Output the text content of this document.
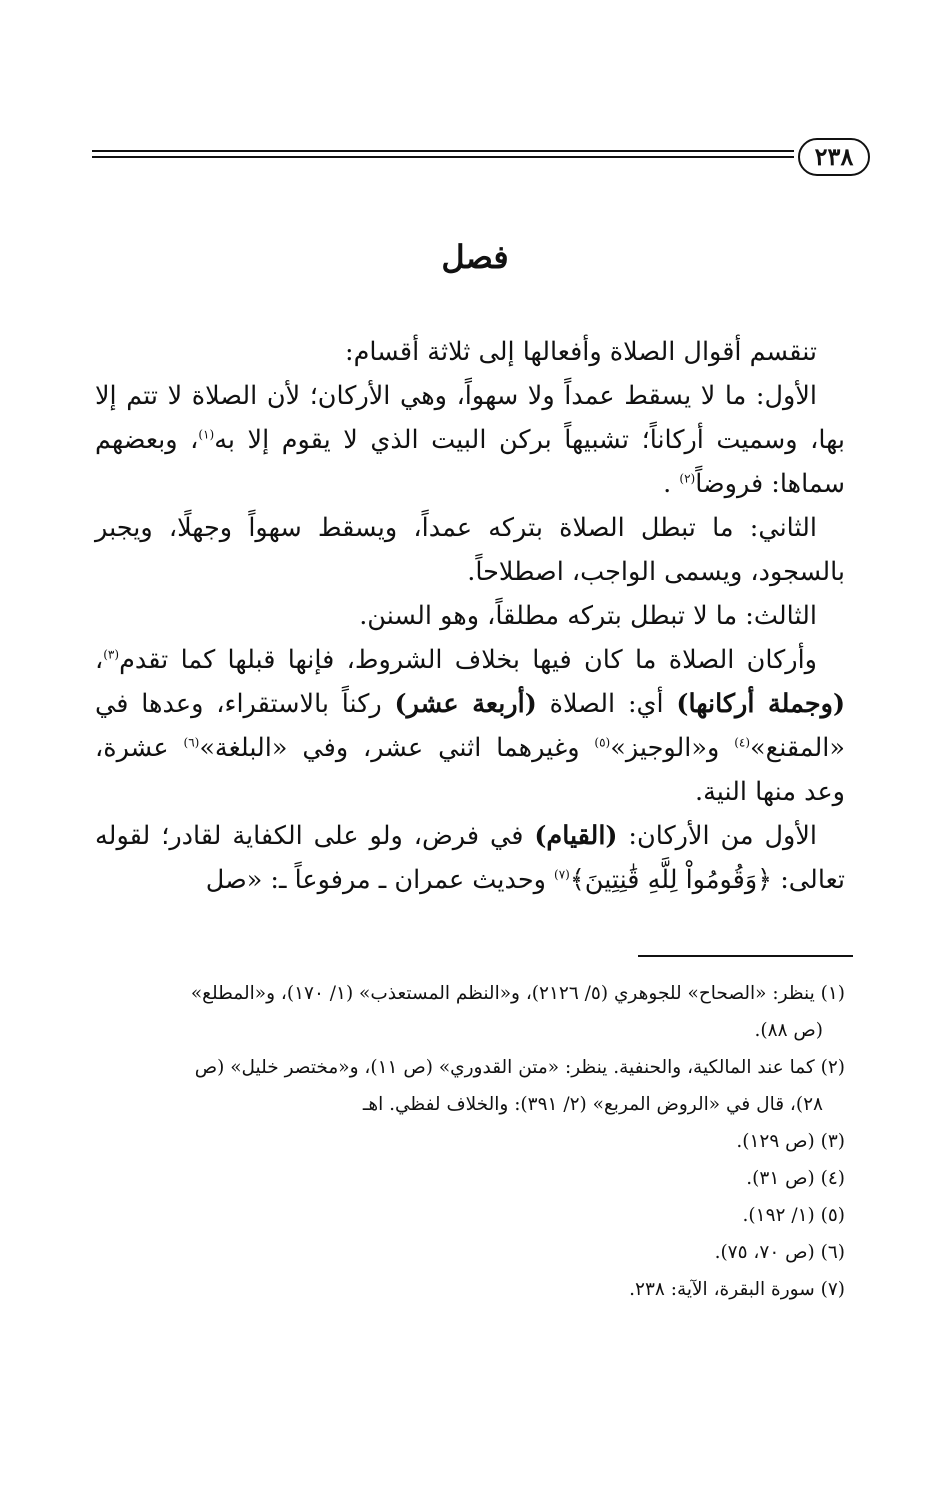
٢٣٨
فصل

تنقسم أقوال الصلاة وأفعالها إلى ثلاثة أقسام:

الأول: ما لا يسقط عمداً ولا سهواً، وهي الأركان؛ لأن الصلاة لا تتم إلا بها، وسميت أركاناً؛ تشبيهاً بركن البيت الذي لا يقوم إلا به$^{(١)}$، وبعضهم سماها: فروضاً$^{(٢)}$ .

الثاني: ما تبطل الصلاة بتركه عمداً، ويسقط سهواً وجهلًا، ويجبر بالسجود، ويسمى الواجب، اصطلاحاً.

الثالث: ما لا تبطل بتركه مطلقاً، وهو السنن.

وأركان الصلاة ما كان فيها بخلاف الشروط، فإنها قبلها كما تقدم$^{(٣)}$، (وجملة أركانها) أي: الصلاة (أربعة عشر) ركناً بالاستقراء، وعدها في «المقنع»$^{(٤)}$ و«الوجيز»$^{(٥)}$ وغيرهما اثني عشر، وفي «البلغة»$^{(٦)}$ عشرة، وعد منها النية.

الأول من الأركان: (القيام) في فرض، ولو على الكفاية لقادر؛ لقوله تعالى: ﴿وَقُومُواْ لِلَّهِ قَٰنِتِينَ﴾$^{(٧)}$ وحديث عمران ـ مرفوعاً ـ: «صل

(١) ينظر: «الصحاح» للجوهري (٥/ ٢١٢٦)، و«النظم المستعذب» (١/ ١٧٠)، و«المطلع»

(ص ٨٨).

(٢) كما عند المالكية، والحنفية. ينظر: «متن القدوري» (ص ١١)، و«مختصر خليل» (ص

٢٨)، قال في «الروض المربع» (٢/ ٣٩١): والخلاف لفظي. اهـ

(٣) (ص ١٢٩).

(٤) (ص ٣١).

(٥) (١/ ١٩٢).

(٦) (ص ٧٠، ٧٥).

(٧) سورة البقرة، الآية: ٢٣٨.
